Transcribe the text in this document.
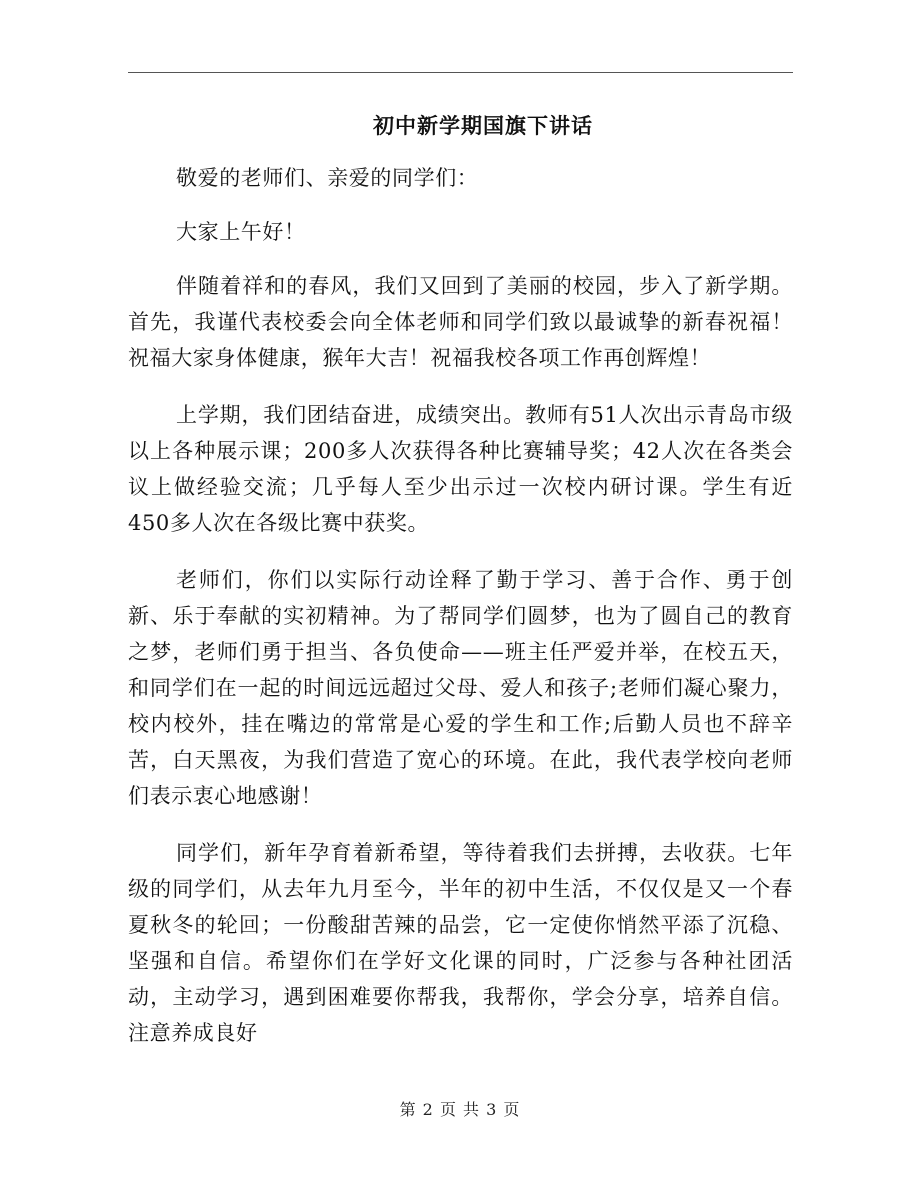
初中新学期国旗下讲话

敬爱的老师们、亲爱的同学们：

大家上午好！

伴随着祥和的春风，我们又回到了美丽的校园，步入了新学期。首先，我谨代表校委会向全体老师和同学们致以最诚挚的新春祝福！祝福大家身体健康，猴年大吉！祝福我校各项工作再创辉煌！

上学期，我们团结奋进，成绩突出。教师有51人次出示青岛市级以上各种展示课；200多人次获得各种比赛辅导奖；42人次在各类会议上做经验交流；几乎每人至少出示过一次校内研讨课。学生有近450多人次在各级比赛中获奖。

老师们，你们以实际行动诠释了勤于学习、善于合作、勇于创新、乐于奉献的实初精神。为了帮同学们圆梦，也为了圆自己的教育之梦，老师们勇于担当、各负使命——班主任严爱并举，在校五天，和同学们在一起的时间远远超过父母、爱人和孩子;老师们凝心聚力，校内校外，挂在嘴边的常常是心爱的学生和工作;后勤人员也不辞辛苦，白天黑夜，为我们营造了宽心的环境。在此，我代表学校向老师们表示衷心地感谢！

同学们，新年孕育着新希望，等待着我们去拼搏，去收获。七年级的同学们，从去年九月至今，半年的初中生活，不仅仅是又一个春夏秋冬的轮回；一份酸甜苦辣的品尝，它一定使你悄然平添了沉稳、坚强和自信。希望你们在学好文化课的同时，广泛参与各种社团活动，主动学习，遇到困难要你帮我，我帮你，学会分享，培养自信。注意养成良好

第 2 页 共 3 页
